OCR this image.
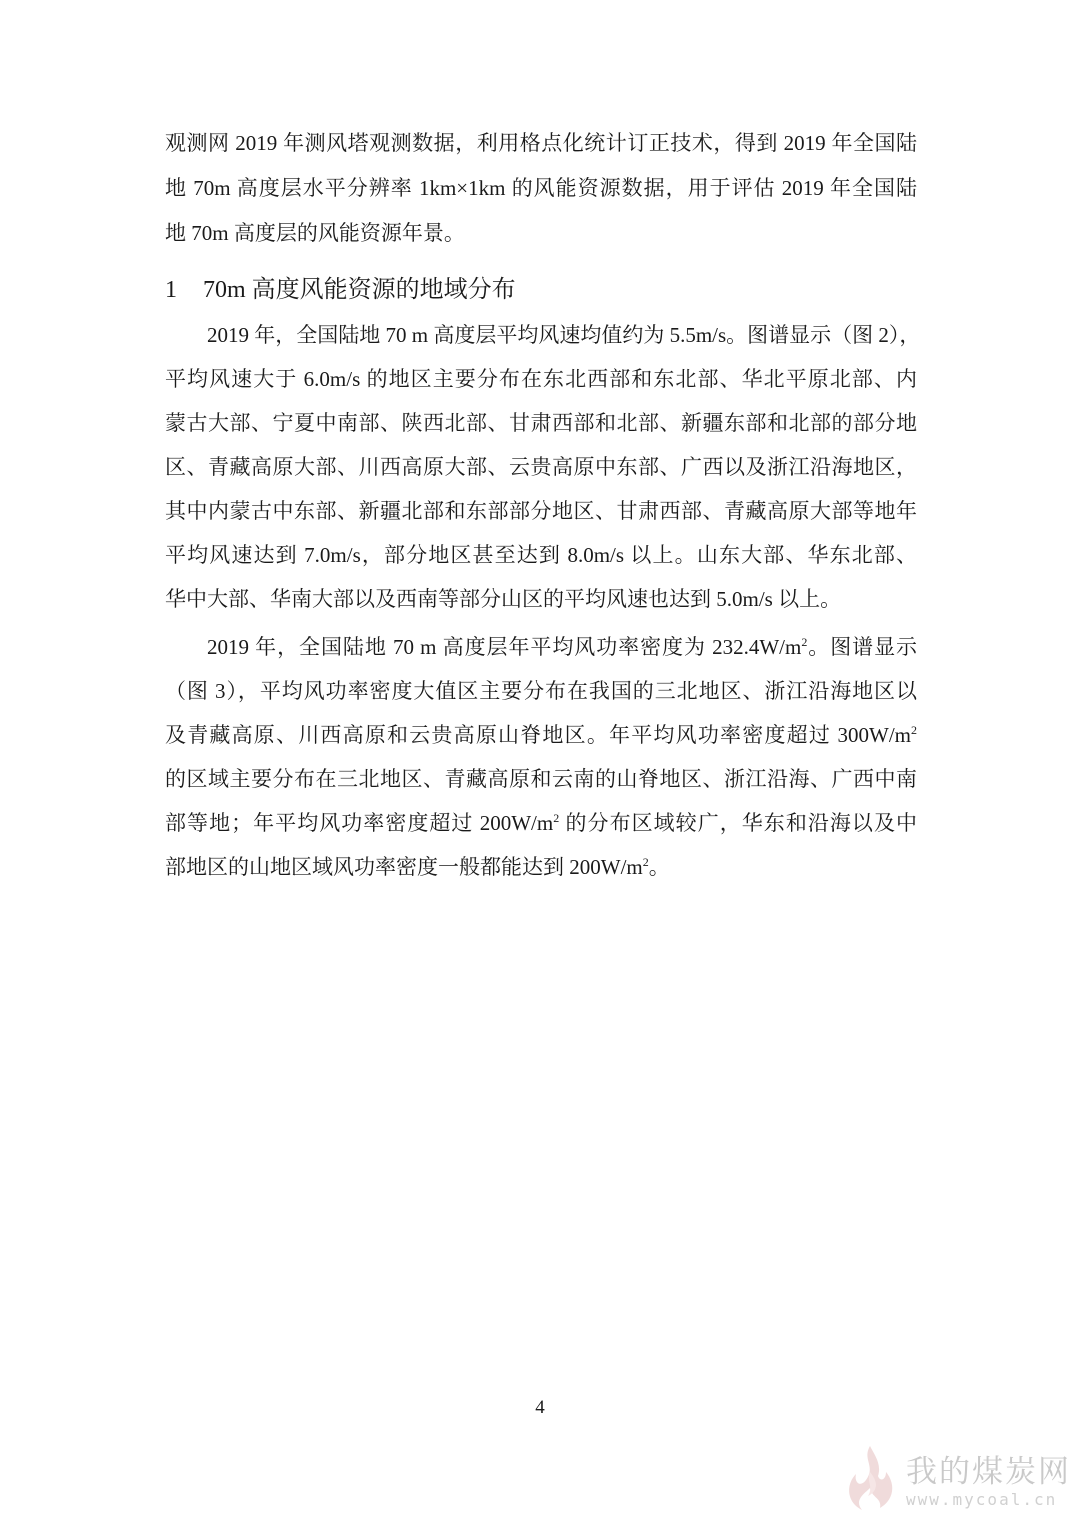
观测网 2019 年测风塔观测数据，利用格点化统计订正技术，得到 2019 年全国陆
地 70m 高度层水平分辨率 1km×1km 的风能资源数据，用于评估 2019 年全国陆
地 70m 高度层的风能资源年景。
1 70m 高度风能资源的地域分布
2019 年，全国陆地 70 m 高度层平均风速均值约为 5.5m/s。图谱显示（图 2），
平均风速大于 6.0m/s 的地区主要分布在东北西部和东北部、华北平原北部、内
蒙古大部、宁夏中南部、陕西北部、甘肃西部和北部、新疆东部和北部的部分地
区、青藏高原大部、川西高原大部、云贵高原中东部、广西以及浙江沿海地区，
其中内蒙古中东部、新疆北部和东部部分地区、甘肃西部、青藏高原大部等地年
平均风速达到 7.0m/s，部分地区甚至达到 8.0m/s 以上。山东大部、华东北部、
华中大部、华南大部以及西南等部分山区的平均风速也达到 5.0m/s 以上。
2019 年，全国陆地 70 m 高度层年平均风功率密度为 $232.4W/m^2$。图谱显示
（图 3），平均风功率密度大值区主要分布在我国的三北地区、浙江沿海地区以
及青藏高原、川西高原和云贵高原山脊地区。年平均风功率密度超过 $300W/m^2$
的区域主要分布在三北地区、青藏高原和云南的山脊地区、浙江沿海、广西中南
部等地；年平均风功率密度超过 $200W/m^2$ 的分布区域较广，华东和沿海以及中
部地区的山地区域风功率密度一般都能达到 $200W/m^2$。
4
我的煤炭网
www.mycoal.cn
